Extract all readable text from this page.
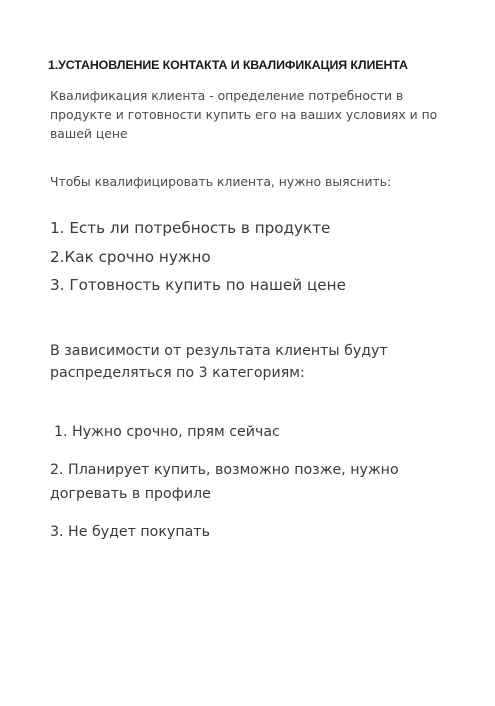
1.УСТАНОВЛЕНИЕ КОНТАКТА И КВАЛИФИКАЦИЯ КЛИЕНТА
Квалификация клиента - определение потребности в продукте и готовности купить его на ваших условиях и по вашей цене
Чтобы квалифицировать клиента, нужно выяснить:
1. Есть ли потребность в продукте
2.Как срочно нужно
3. Готовность купить по нашей цене
В зависимости от результата клиенты будут распределяться по 3 категориям:
1. Нужно срочно, прям сейчас
2. Планирует купить, возможно позже, нужно догревать в профиле
3. Не будет покупать
